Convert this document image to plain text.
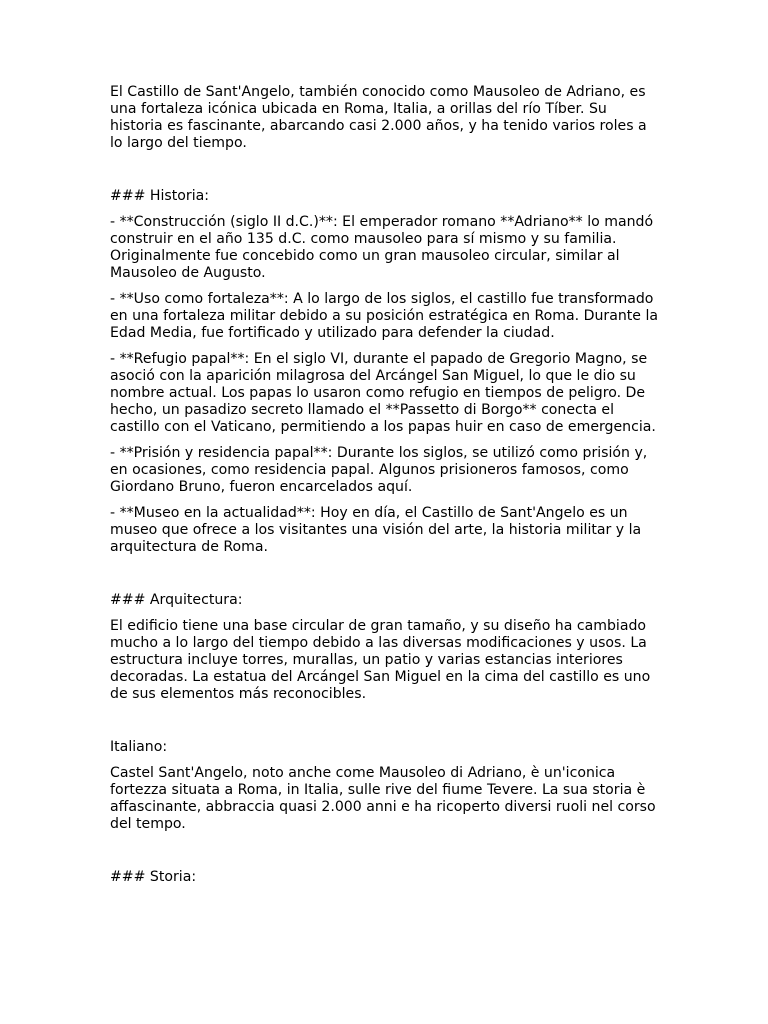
El Castillo de Sant'Angelo, también conocido como Mausoleo de Adriano, es una fortaleza icónica ubicada en Roma, Italia, a orillas del río Tíber. Su historia es fascinante, abarcando casi 2.000 años, y ha tenido varios roles a lo largo del tiempo.

### Historia:

- **Construcción (siglo II d.C.)**: El emperador romano **Adriano** lo mandó construir en el año 135 d.C. como mausoleo para sí mismo y su familia. Originalmente fue concebido como un gran mausoleo circular, similar al Mausoleo de Augusto.

- **Uso como fortaleza**: A lo largo de los siglos, el castillo fue transformado en una fortaleza militar debido a su posición estratégica en Roma. Durante la Edad Media, fue fortificado y utilizado para defender la ciudad.

- **Refugio papal**: En el siglo VI, durante el papado de Gregorio Magno, se asoció con la aparición milagrosa del Arcángel San Miguel, lo que le dio su nombre actual. Los papas lo usaron como refugio en tiempos de peligro. De hecho, un pasadizo secreto llamado el **Passetto di Borgo** conecta el castillo con el Vaticano, permitiendo a los papas huir en caso de emergencia.

- **Prisión y residencia papal**: Durante los siglos, se utilizó como prisión y, en ocasiones, como residencia papal. Algunos prisioneros famosos, como Giordano Bruno, fueron encarcelados aquí.

- **Museo en la actualidad**: Hoy en día, el Castillo de Sant'Angelo es un museo que ofrece a los visitantes una visión del arte, la historia militar y la arquitectura de Roma.

### Arquitectura:

El edificio tiene una base circular de gran tamaño, y su diseño ha cambiado mucho a lo largo del tiempo debido a las diversas modificaciones y usos. La estructura incluye torres, murallas, un patio y varias estancias interiores decoradas. La estatua del Arcángel San Miguel en la cima del castillo es uno de sus elementos más reconocibles.

Italiano:

Castel Sant'Angelo, noto anche come Mausoleo di Adriano, è un'iconica fortezza situata a Roma, in Italia, sulle rive del fiume Tevere. La sua storia è affascinante, abbraccia quasi 2.000 anni e ha ricoperto diversi ruoli nel corso del tempo.

### Storia:
